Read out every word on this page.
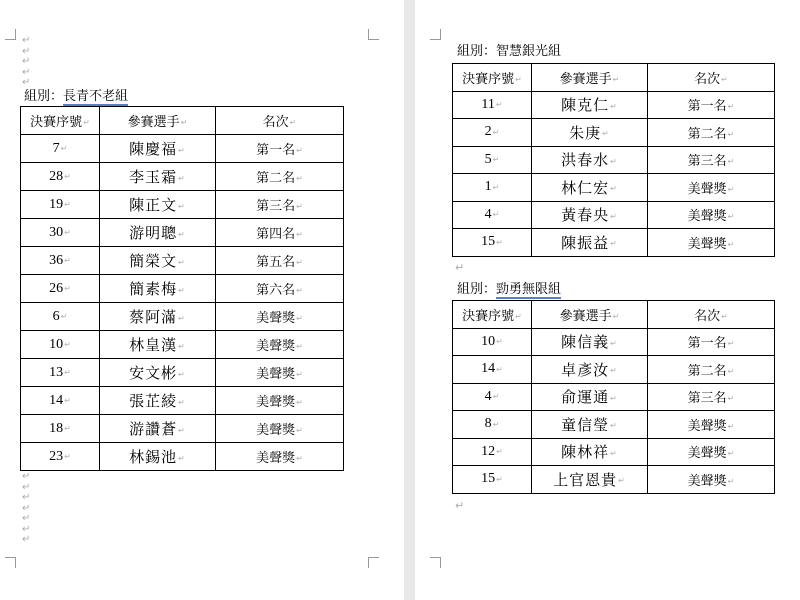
↵
↵
↵
↵
↵
組別：長青不老組
↵
↵
↵
↵
↵
↵
↵
組別：智慧銀光組
↵
組別：勁勇無限組
↵
決賽序號↵	參賽選手↵	名次↵
7↵	陳慶福↵	第一名↵
28↵	李玉霜↵	第二名↵
19↵	陳正文↵	第三名↵
30↵	游明聰↵	第四名↵
36↵	簡榮文↵	第五名↵
26↵	簡素梅↵	第六名↵
6↵	蔡阿滿↵	美聲獎↵
10↵	林皇漢↵	美聲獎↵
13↵	安文彬↵	美聲獎↵
14↵	張芷綾↵	美聲獎↵
18↵	游讚蒼↵	美聲獎↵
23↵	林錫池↵	美聲獎↵
決賽序號↵	參賽選手↵	名次↵
11↵	陳克仁↵	第一名↵
2↵	朱庚↵	第二名↵
5↵	洪春水↵	第三名↵
1↵	林仁宏↵	美聲獎↵
4↵	黃春央↵	美聲獎↵
15↵	陳振益↵	美聲獎↵
決賽序號↵	參賽選手↵	名次↵
10↵	陳信義↵	第一名↵
14↵	卓彥汝↵	第二名↵
4↵	俞運通↵	第三名↵
8↵	童信瑩↵	美聲獎↵
12↵	陳林祥↵	美聲獎↵
15↵	上官恩貴↵	美聲獎↵
